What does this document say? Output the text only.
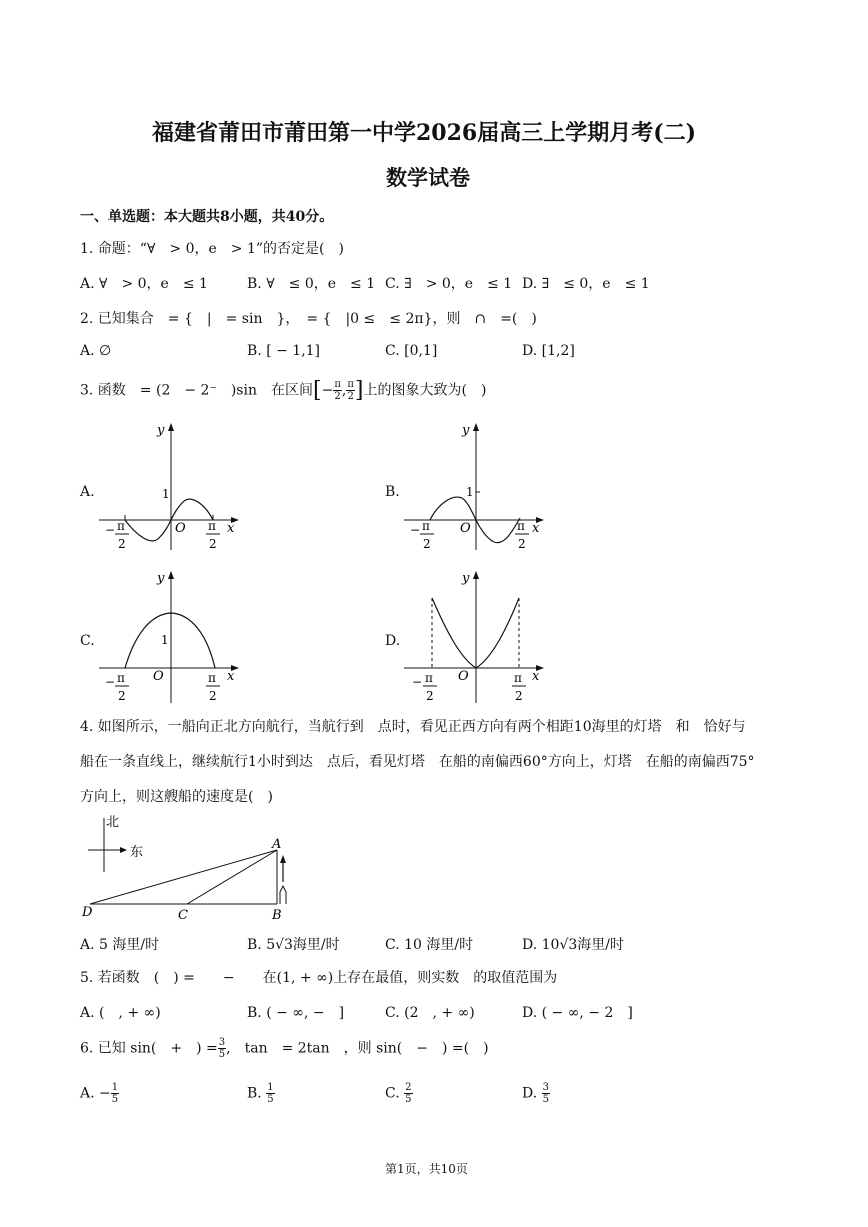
福建省莆田市莆田第一中学2026届高三上学期月考(二)
数学试卷
一、单选题：本大题共8小题，共40分。
1. 命题：“∀　> 0，e　> 1”的否定是(　)
A. ∀　> 0，e　≤ 1	B. ∀　≤ 0，e　≤ 1 C. ∃　> 0，e　≤ 1 D. ∃　≤ 0，e　≤ 1
2. 已知集合　= {　|　= sin　}，　= {　|0 ≤　≤ 2π}，则　∩　=(　)
A. ∅	B. [ − 1,1]	C. [0,1]	D. [1,2]
3. 函数　= (2　− 2⁻　)sin　在区间[− $\frac{\pi}{2}$ , $\frac{\pi}{2}$ ]上的图象大致为(　)
A.	B.
C.	D.
y
x
O
1
− π
2
π
2
y
x
O
1
− π
2
π
2
y
x
O
1
− π
2
π
2
y
x
O
− π
2
π
2
4. 如图所示，一船向正北方向航行，当航行到　点时，看见正西方向有两个相距10海里的灯塔　和　恰好与
船在一条直线上，继续航行1小时到达　点后，看见灯塔　在船的南偏西60°方向上，灯塔　在船的南偏西75°
方向上，则这艘船的速度是(　)
北
东
A
B
C
D
A. 5 海里/时	B. 5√3海里/时	C. 10 海里/时	D. 10√3海里/时
5. 若函数　(　) =　　−　　在(1, + ∞)上存在最值，则实数　的取值范围为
A. (　, + ∞)	B. ( − ∞, −　]	C. (2　, + ∞)	D. ( − ∞, − 2　]
6. 已知 sin(　+　) = $\frac{3}{5}$ ,　tan　= 2tan　，则 sin(　−　) =(　)
A. − $\frac{1}{5}$	B. $\frac{1}{5}$	C. $\frac{2}{5}$	D. $\frac{3}{5}$
第1页，共10页
